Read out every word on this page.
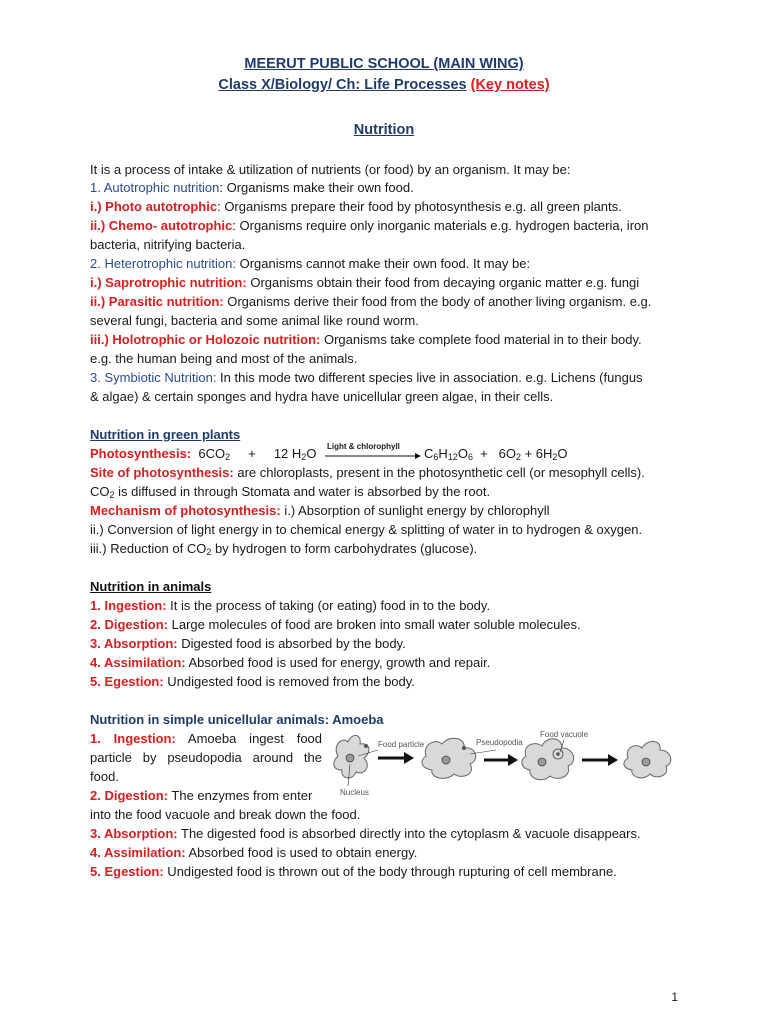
MEERUT PUBLIC SCHOOL (MAIN WING)
Class X/Biology/ Ch: Life Processes (Key notes)
Nutrition
It is a process of intake & utilization of nutrients (or food) by an organism. It may be:
1. Autotrophic nutrition: Organisms make their own food.
i.) Photo autotrophic: Organisms prepare their food by photosynthesis e.g. all green plants.
ii.) Chemo- autotrophic: Organisms require only inorganic materials e.g. hydrogen bacteria, iron
bacteria, nitrifying bacteria.
2. Heterotrophic nutrition: Organisms cannot make their own food. It may be:
i.) Saprotrophic nutrition: Organisms obtain their food from decaying organic matter e.g. fungi
ii.) Parasitic nutrition: Organisms derive their food from the body of another living organism. e.g.
several fungi, bacteria and some animal like round worm.
iii.) Holotrophic or Holozoic nutrition: Organisms take complete food material in to their body.
e.g. the human being and most of the animals.
3. Symbiotic Nutrition: In this mode two different species live in association. e.g. Lichens (fungus
& algae) & certain sponges and hydra have unicellular green algae, in their cells.
Nutrition in green plants
Photosynthesis: $6CO_2$     +     12 $H_2O$ Light & chlorophyll $C_6H_{12}O_6 + 6O_2 + 6H_2O$
Site of photosynthesis: are chloroplasts, present in the photosynthetic cell (or mesophyll cells).
$CO_2$ is diffused in through Stomata and water is absorbed by the root.
Mechanism of photosynthesis: i.) Absorption of sunlight energy by chlorophyll
ii.) Conversion of light energy in to chemical energy & splitting of water in to hydrogen & oxygen.
iii.) Reduction of $CO_2$ by hydrogen to form carbohydrates (glucose).
Nutrition in animals
1. Ingestion: It is the process of taking (or eating) food in to the body.
2. Digestion: Large molecules of food are broken into small water soluble molecules.
3. Absorption: Digested food is absorbed by the body.
4. Assimilation: Absorbed food is used for energy, growth and repair.
5. Egestion: Undigested food is removed from the body.
Nutrition in simple unicellular animals: Amoeba
1. Ingestion: Amoeba ingest food
particle by pseudopodia around the
food.
2. Digestion: The enzymes from enter
into the food vacuole and break down the food.
3. Absorption: The digested food is absorbed directly into the cytoplasm & vacuole disappears.
4. Assimilation: Absorbed food is used to obtain energy.
5. Egestion: Undigested food is thrown out of the body through rupturing of cell membrane.
Food particle	Pseudopodia
Food vacuole
Nucleus
1
